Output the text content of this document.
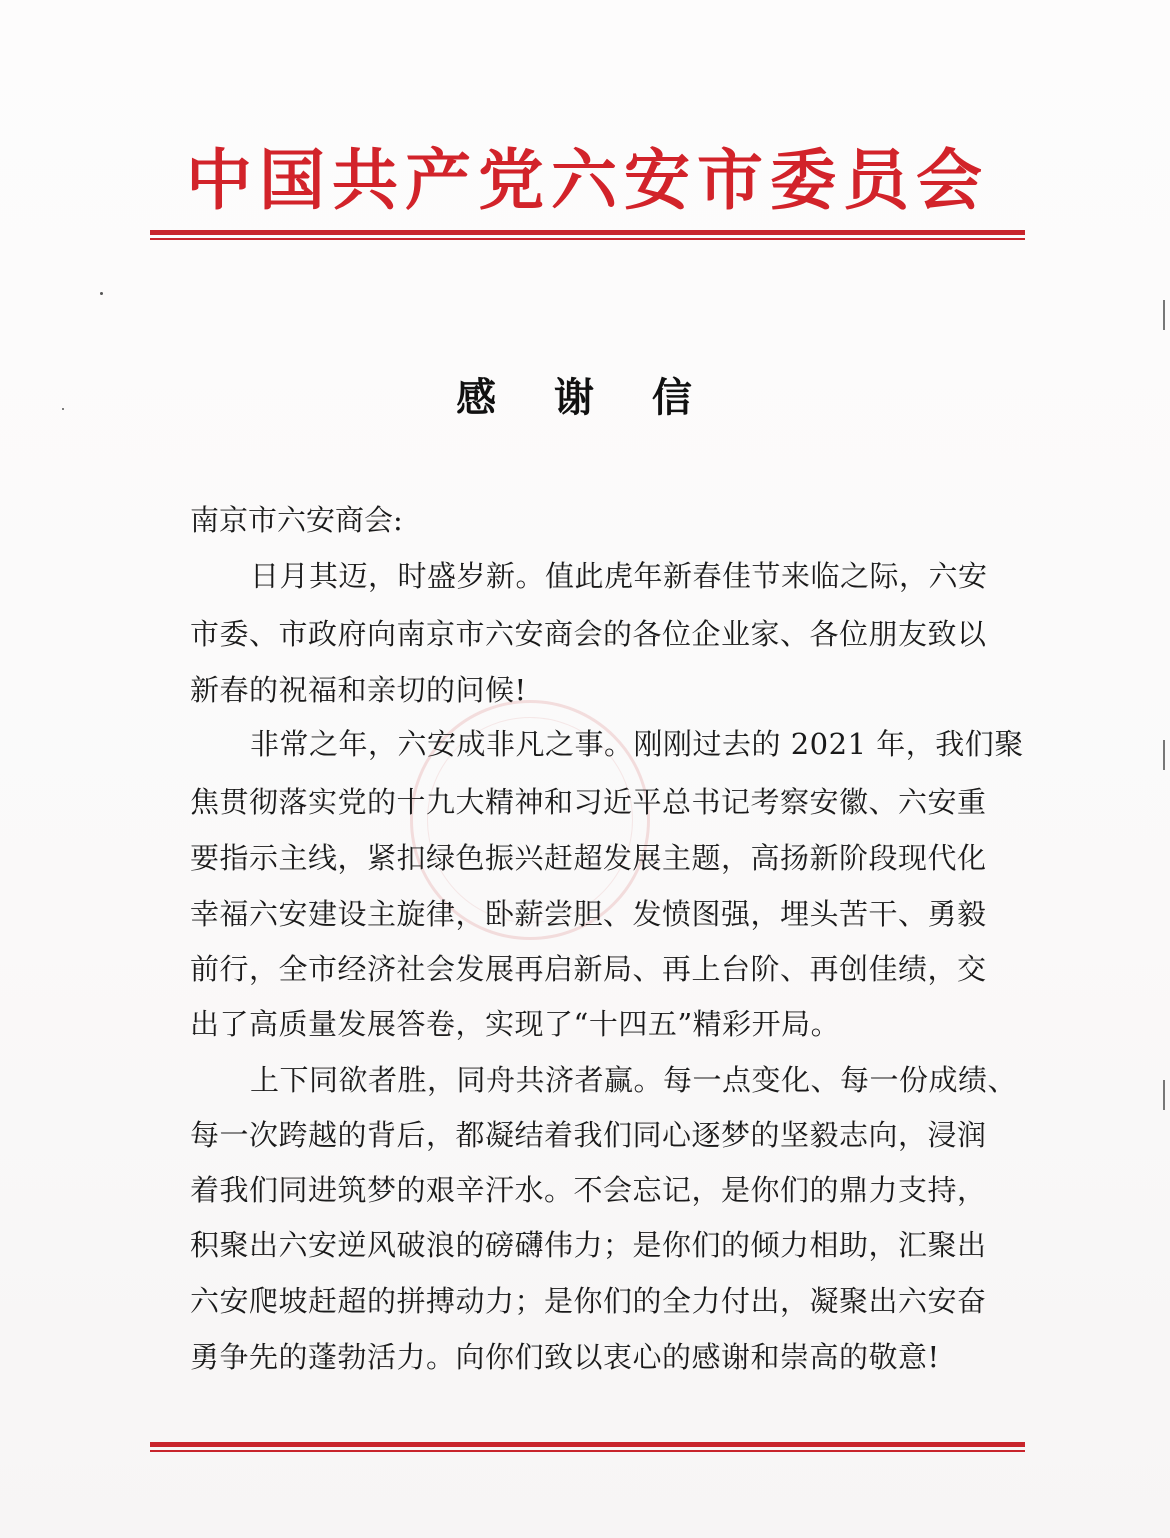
中国共产党六安市委员会
感 谢 信
南京市六安商会:
日月其迈，时盛岁新。值此虎年新春佳节来临之际，六安
市委、市政府向南京市六安商会的各位企业家、各位朋友致以
新春的祝福和亲切的问候!
非常之年，六安成非凡之事。刚刚过去的 2021 年，我们聚
焦贯彻落实党的十九大精神和习近平总书记考察安徽、六安重
要指示主线，紧扣绿色振兴赶超发展主题，高扬新阶段现代化
幸福六安建设主旋律，卧薪尝胆、发愤图强，埋头苦干、勇毅
前行，全市经济社会发展再启新局、再上台阶、再创佳绩，交
出了高质量发展答卷，实现了“十四五”精彩开局。
上下同欲者胜，同舟共济者赢。每一点变化、每一份成绩、
每一次跨越的背后，都凝结着我们同心逐梦的坚毅志向，浸润
着我们同进筑梦的艰辛汗水。不会忘记，是你们的鼎力支持，
积聚出六安逆风破浪的磅礴伟力；是你们的倾力相助，汇聚出
六安爬坡赶超的拼搏动力；是你们的全力付出，凝聚出六安奋
勇争先的蓬勃活力。向你们致以衷心的感谢和崇高的敬意!
